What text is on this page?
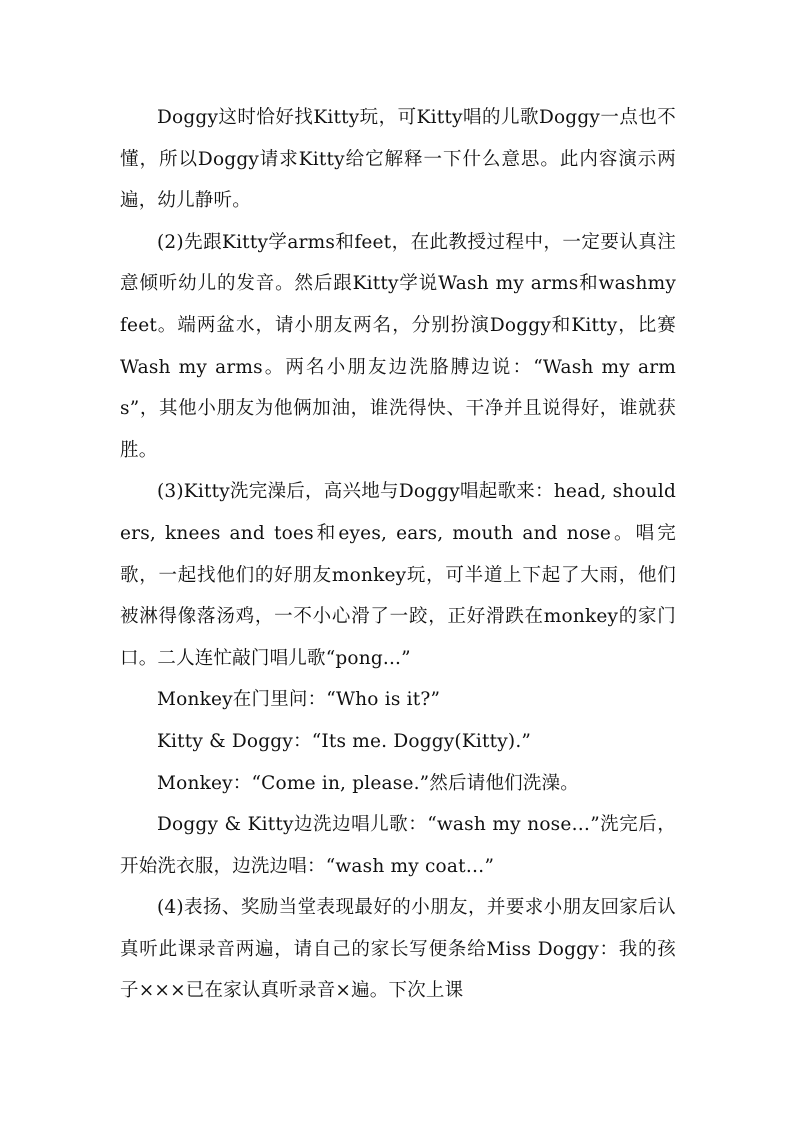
Doggy这时恰好找Kitty玩，可Kitty唱的儿歌Doggy一点也不懂，所以Doggy请求Kitty给它解释一下什么意思。此内容演示两遍，幼儿静听。

(2)先跟Kitty学arms和feet，在此教授过程中，一定要认真注意倾听幼儿的发音。然后跟Kitty学说Wash my arms和washmy feet。端两盆水，请小朋友两名，分别扮演Doggy和Kitty，比赛Wash my arms。两名小朋友边洗胳膊边说：“Wash my arms”，其他小朋友为他俩加油，谁洗得快、干净并且说得好，谁就获胜。

(3)Kitty洗完澡后，高兴地与Doggy唱起歌来：head, shoulders, knees and toes和eyes, ears, mouth and nose。唱完歌，一起找他们的好朋友monkey玩，可半道上下起了大雨，他们被淋得像落汤鸡，一不小心滑了一跤，正好滑跌在monkey的家门口。二人连忙敲门唱儿歌“pong...”

Monkey在门里问：“Who is it?”

Kitty & Doggy：“Its me. Doggy(Kitty).”

Monkey：“Come in, please.”然后请他们洗澡。

Doggy & Kitty边洗边唱儿歌：“wash my nose…”洗完后，开始洗衣服，边洗边唱：“wash my coat…”

(4)表扬、奖励当堂表现最好的小朋友，并要求小朋友回家后认真听此课录音两遍，请自己的家长写便条给Miss Doggy：我的孩子×××已在家认真听录音×遍。下次上课
